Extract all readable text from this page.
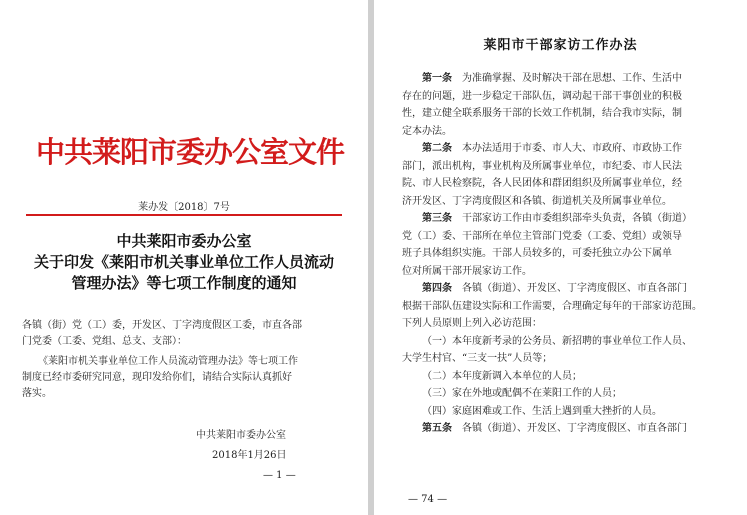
中共莱阳市委办公室文件
莱办发〔2018〕7号
中共莱阳市委办公室
关于印发《莱阳市机关事业单位工作人员流动
管理办法》等七项工作制度的通知
各镇（街）党（工）委，开发区、丁字湾度假区工委，市直各部
门党委（工委、党组、总支、支部）：
《莱阳市机关事业单位工作人员流动管理办法》等七项工作
制度已经市委研究同意，现印发给你们，请结合实际认真抓好
落实。
中共莱阳市委办公室
2018年1月26日
— 1 —
莱阳市干部家访工作办法
第一条　 为准确掌握、及时解决干部在思想、工作、生活中
存在的问题，进一步稳定干部队伍，调动起干部干事创业的积极
性，建立健全联系服务干部的长效工作机制，结合我市实际，制
定本办法。
第二条　 本办法适用于市委、市人大、市政府、市政协工作
部门，派出机构，事业机构及所属事业单位，市纪委、市人民法
院、市人民检察院，各人民团体和群团组织及所属事业单位，经
济开发区、丁字湾度假区和各镇、街道机关及所属事业单位。
第三条　 干部家访工作由市委组织部牵头负责，各镇（街道）
党（工）委、干部所在单位主管部门党委（工委、党组）或领导
班子具体组织实施。干部人员较多的，可委托独立办公下属单
位对所属干部开展家访工作。
第四条　 各镇（街道）、开发区、丁字湾度假区、市直各部门
根据干部队伍建设实际和工作需要，合理确定每年的干部家访范围。
下列人员原则上列入必访范围：
（一）本年度新考录的公务员、新招聘的事业单位工作人员、
大学生村官、“三支一扶”人员等；
（二）本年度新调入本单位的人员；
（三）家在外地或配偶不在莱阳工作的人员；
（四）家庭困难或工作、生活上遇到重大挫折的人员。
第五条　 各镇（街道）、开发区、丁字湾度假区、市直各部门
— 74 —
